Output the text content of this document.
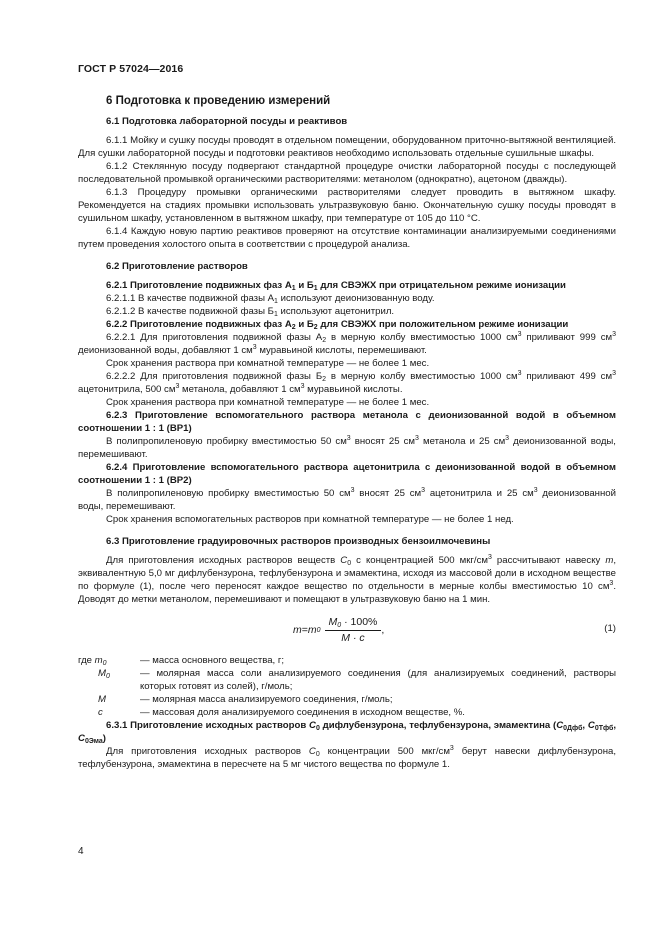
ГОСТ Р 57024—2016

6 Подготовка к проведению измерений

6.1 Подготовка лабораторной посуды и реактивов

6.1.1 Мойку и сушку посуды проводят в отдельном помещении, оборудованном приточно-вытяжной вентиляцией. Для сушки лабораторной посуды и подготовки реактивов необходимо использовать отдельные сушильные шкафы.

6.1.2 Стеклянную посуду подвергают стандартной процедуре очистки лабораторной посуды с последующей последовательной промывкой органическими растворителями: метанолом (однократно), ацетоном (дважды).

6.1.3 Процедуру промывки органическими растворителями следует проводить в вытяжном шкафу. Рекомендуется на стадиях промывки использовать ультразвуковую баню. Окончательную сушку посуды проводят в сушильном шкафу, установленном в вытяжном шкафу, при температуре от 105 до 110 °С.

6.1.4 Каждую новую партию реактивов проверяют на отсутствие контаминации анализируемыми соединениями путем проведения холостого опыта в соответствии с процедурой анализа.

6.2 Приготовление растворов

6.2.1 Приготовление подвижных фаз $А_1$ и $Б_1$ для СВЭЖХ при отрицательном режиме ионизации

6.2.1.1 В качестве подвижной фазы $А_1$ используют деионизованную воду.

6.2.1.2 В качестве подвижной фазы $Б_1$ используют ацетонитрил.

6.2.2 Приготовление подвижных фаз $А_2$ и $Б_2$ для СВЭЖХ при положительном режиме ионизации

6.2.2.1 Для приготовления подвижной фазы $А_2$ в мерную колбу вместимостью 1000 $см^3$ приливают 999 $см^3$ деионизованной воды, добавляют 1 $см^3$ муравьиной кислоты, перемешивают.

Срок хранения раствора при комнатной температуре — не более 1 мес.

6.2.2.2 Для приготовления подвижной фазы $Б_2$ в мерную колбу вместимостью 1000 $см^3$ приливают 499 $см^3$ ацетонитрила, 500 $см^3$ метанола, добавляют 1 $см^3$ муравьиной кислоты.

Срок хранения раствора при комнатной температуре — не более 1 мес.

6.2.3 Приготовление вспомогательного раствора метанола с деионизованной водой в объемном соотношении 1 : 1 (ВР1)

В полипропиленовую пробирку вместимостью 50 $см^3$ вносят 25 $см^3$ метанола и 25 $см^3$ деионизованной воды, перемешивают.

6.2.4 Приготовление вспомогательного раствора ацетонитрила с деионизованной водой в объемном соотношении 1 : 1 (ВР2)

В полипропиленовую пробирку вместимостью 50 $см^3$ вносят 25 $см^3$ ацетонитрила и 25 $см^3$ деионизованной воды, перемешивают.

Срок хранения вспомогательных растворов при комнатной температуре — не более 1 нед.

6.3 Приготовление градуировочных растворов производных бензоилмочевины

Для приготовления исходных растворов веществ $C_0$ с концентрацией 500 мкг/$см^3$ рассчитывают навеску m, эквивалентную 5,0 мг дифлубензурона, тефлубензурона и эмамектина, исходя из массовой доли в исходном веществе по формуле (1), после чего переносят каждое вещество по отдельности в мерные колбы вместимостью 10 $см^3$. Доводят до метки метанолом, перемешивают и помещают в ультразвуковую баню на 1 мин.

m = m $0 \frac{M_0 \cdot 100\%}{M \cdot c}$ ,	(1)
где $m_0$	— масса основного вещества, г;
$M_0$	— молярная масса соли анализируемого соединения (для анализируемых соединений, растворы которых готовят из солей), г/моль;
M	— молярная масса анализируемого соединения, г/моль;
c	— массовая доля анализируемого соединения в исходном веществе, %.

6.3.1 Приготовление исходных растворов $C_0$ дифлубензурона, тефлубензурона, эмамектина ($C_{0Дфб}$, $C_{0Тфб}$, $C_{0Эма}$)

Для приготовления исходных растворов $C_0$ концентрации 500 мкг/$см^3$ берут навески дифлубензурона, тефлубензурона, эмамектина в пересчете на 5 мг чистого вещества по формуле 1.

4
